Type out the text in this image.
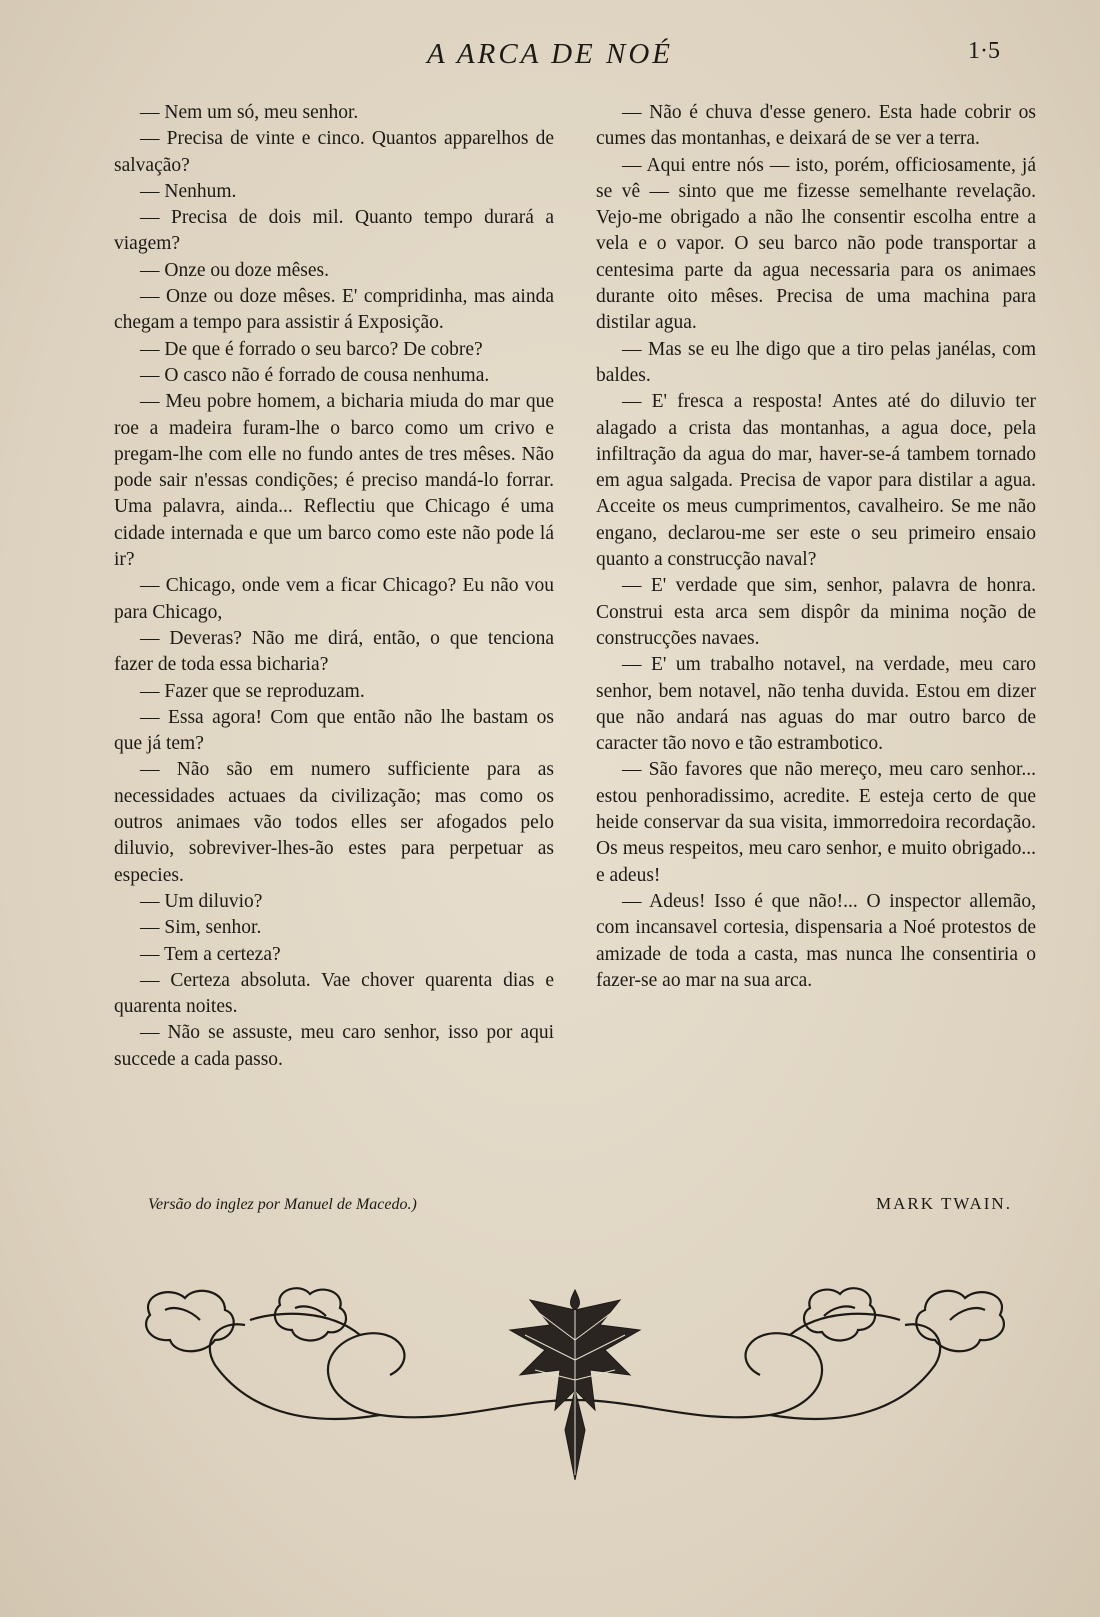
A ARCA DE NOÉ	1·5

— Nem um só, meu senhor.

— Precisa de vinte e cinco. Quantos apparelhos de salvação?

— Nenhum.

— Precisa de dois mil. Quanto tempo durará a viagem?

— Onze ou doze mêses.

— Onze ou doze mêses. E' compridinha, mas ainda chegam a tempo para assistir á Exposição.

— De que é forrado o seu barco? De cobre?

— O casco não é forrado de cousa nenhuma.

— Meu pobre homem, a bicharia miuda do mar que roe a madeira furam-lhe o barco como um crivo e pregam-lhe com elle no fundo antes de tres mêses. Não pode sair n'essas condições; é preciso mandá-lo forrar. Uma palavra, ainda... Reflectiu que Chicago é uma cidade internada e que um barco como este não pode lá ir?

— Chicago, onde vem a ficar Chicago? Eu não vou para Chicago,

— Deveras? Não me dirá, então, o que tenciona fazer de toda essa bicharia?

— Fazer que se reproduzam.

— Essa agora! Com que então não lhe bastam os que já tem?

— Não são em numero sufficiente para as necessidades actuaes da civilização; mas como os outros animaes vão todos elles ser afogados pelo diluvio, sobreviver-lhes-ão estes para perpetuar as especies.

— Um diluvio?

— Sim, senhor.

— Tem a certeza?

— Certeza absoluta. Vae chover quarenta dias e quarenta noites.

— Não se assuste, meu caro senhor, isso por aqui succede a cada passo.

— Não é chuva d'esse genero. Esta hade cobrir os cumes das montanhas, e deixará de se ver a terra.

— Aqui entre nós — isto, porém, officiosamente, já se vê — sinto que me fizesse semelhante revelação. Vejo-me obrigado a não lhe consentir escolha entre a vela e o vapor. O seu barco não pode transportar a centesima parte da agua necessaria para os animaes durante oito mêses. Precisa de uma machina para distilar agua.

— Mas se eu lhe digo que a tiro pelas janélas, com baldes.

— E' fresca a resposta! Antes até do diluvio ter alagado a crista das montanhas, a agua doce, pela infiltração da agua do mar, haver-se-á tambem tornado em agua salgada. Precisa de vapor para distilar a agua. Acceite os meus cumprimentos, cavalheiro. Se me não engano, declarou-me ser este o seu primeiro ensaio quanto a construcção naval?

— E' verdade que sim, senhor, palavra de honra. Construi esta arca sem dispôr da minima noção de construcções navaes.

— E' um trabalho notavel, na verdade, meu caro senhor, bem notavel, não tenha duvida. Estou em dizer que não andará nas aguas do mar outro barco de caracter tão novo e tão estrambotico.

— São favores que não mereço, meu caro senhor... estou penhoradissimo, acredite. E esteja certo de que heide conservar da sua visita, immorredoira recordação. Os meus respeitos, meu caro senhor, e muito obrigado... e adeus!

— Adeus! Isso é que não!... O inspector allemão, com incansavel cortesia, dispensaria a Noé protestos de amizade de toda a casta, mas nunca lhe consentiria o fazer-se ao mar na sua arca.

Versão do inglez por Manuel de Macedo.)	MARK TWAIN.
